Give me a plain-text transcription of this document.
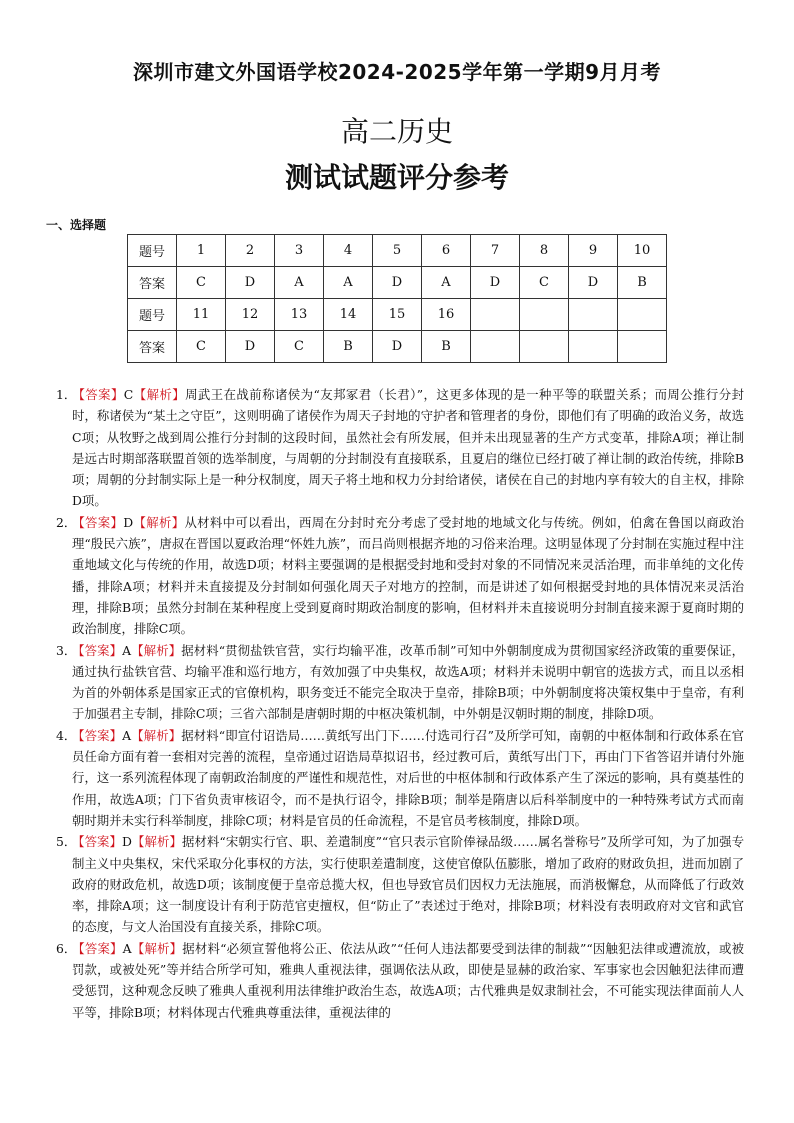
深圳市建文外国语学校2024-2025学年第一学期9月月考
高二历史
测试试题评分参考
一、选择题
题号	1	2	3	4	5	6	7	8	9	10
答案	C	D	A	A	D	A	D	C	D	B
题号	11	12	13	14	15	16				
答案	C	D	C	B	D	B				

1．【答案】C【解析】周武王在战前称诸侯为“友邦冢君（长君）”，这更多体现的是一种平等的联盟关系；而周公推行分封时，称诸侯为“某土之守臣”，这则明确了诸侯作为周天子封地的守护者和管理者的身份，即他们有了明确的政治义务，故选C项；从牧野之战到周公推行分封制的这段时间，虽然社会有所发展，但并未出现显著的生产方式变革，排除A项；禅让制是远古时期部落联盟首领的选举制度，与周朝的分封制没有直接联系，且夏启的继位已经打破了禅让制的政治传统，排除B项；周朝的分封制实际上是一种分权制度，周天子将土地和权力分封给诸侯，诸侯在自己的封地内享有较大的自主权，排除D项。

2．【答案】D【解析】从材料中可以看出，西周在分封时充分考虑了受封地的地域文化与传统。例如，伯禽在鲁国以商政治理“殷民六族”，唐叔在晋国以夏政治理“怀姓九族”，而吕尚则根据齐地的习俗来治理。这明显体现了分封制在实施过程中注重地域文化与传统的作用，故选D项；材料主要强调的是根据受封地和受封对象的不同情况来灵活治理，而非单纯的文化传播，排除A项；材料并未直接提及分封制如何强化周天子对地方的控制，而是讲述了如何根据受封地的具体情况来灵活治理，排除B项；虽然分封制在某种程度上受到夏商时期政治制度的影响，但材料并未直接说明分封制直接来源于夏商时期的政治制度，排除C项。

3．【答案】A【解析】据材料“贯彻盐铁官营，实行均输平准，改革币制”可知中外朝制度成为贯彻国家经济政策的重要保证，通过执行盐铁官营、均输平准和巡行地方，有效加强了中央集权，故选A项；材料并未说明中朝官的选拔方式，而且以丞相为首的外朝体系是国家正式的官僚机构，职务变迁不能完全取决于皇帝，排除B项；中外朝制度将决策权集中于皇帝，有利于加强君主专制，排除C项；三省六部制是唐朝时期的中枢决策机制，中外朝是汉朝时期的制度，排除D项。

4．【答案】A【解析】据材料“即宣付诏诰局……黄纸写出门下……付选司行召”及所学可知，南朝的中枢体制和行政体系在官员任命方面有着一套相对完善的流程，皇帝通过诏诰局草拟诏书，经过教可后，黄纸写出门下，再由门下省答诏并请付外施行，这一系列流程体现了南朝政治制度的严谨性和规范性，对后世的中枢体制和行政体系产生了深远的影响，具有奠基性的作用，故选A项；门下省负责审核诏令，而不是执行诏令，排除B项；制举是隋唐以后科举制度中的一种特殊考试方式而南朝时期并未实行科举制度，排除C项；材料是官员的任命流程，不是官员考核制度，排除D项。

5．【答案】D【解析】据材料“宋朝实行官、职、差遣制度”“官只表示官阶俸禄品级……属名誉称号”及所学可知，为了加强专制主义中央集权，宋代采取分化事权的方法，实行使职差遣制度，这使官僚队伍膨胀，增加了政府的财政负担，进而加剧了政府的财政危机，故选D项；该制度便于皇帝总揽大权，但也导致官员们因权力无法施展，而消极懈怠，从而降低了行政效率，排除A项；这一制度设计有利于防范官吏擅权，但“防止了”表述过于绝对，排除B项；材料没有表明政府对文官和武官的态度，与文人治国没有直接关系，排除C项。

6．【答案】A【解析】据材料“必须宣誓他将公正、依法从政”“任何人违法都要受到法律的制裁”“因触犯法律或遭流放，或被罚款，或被处死”等并结合所学可知，雅典人重视法律，强调依法从政，即使是显赫的政治家、军事家也会因触犯法律而遭受惩罚，这种观念反映了雅典人重视利用法律维护政治生态，故选A项；古代雅典是奴隶制社会，不可能实现法律面前人人平等，排除B项；材料体现古代雅典尊重法律，重视法律的
